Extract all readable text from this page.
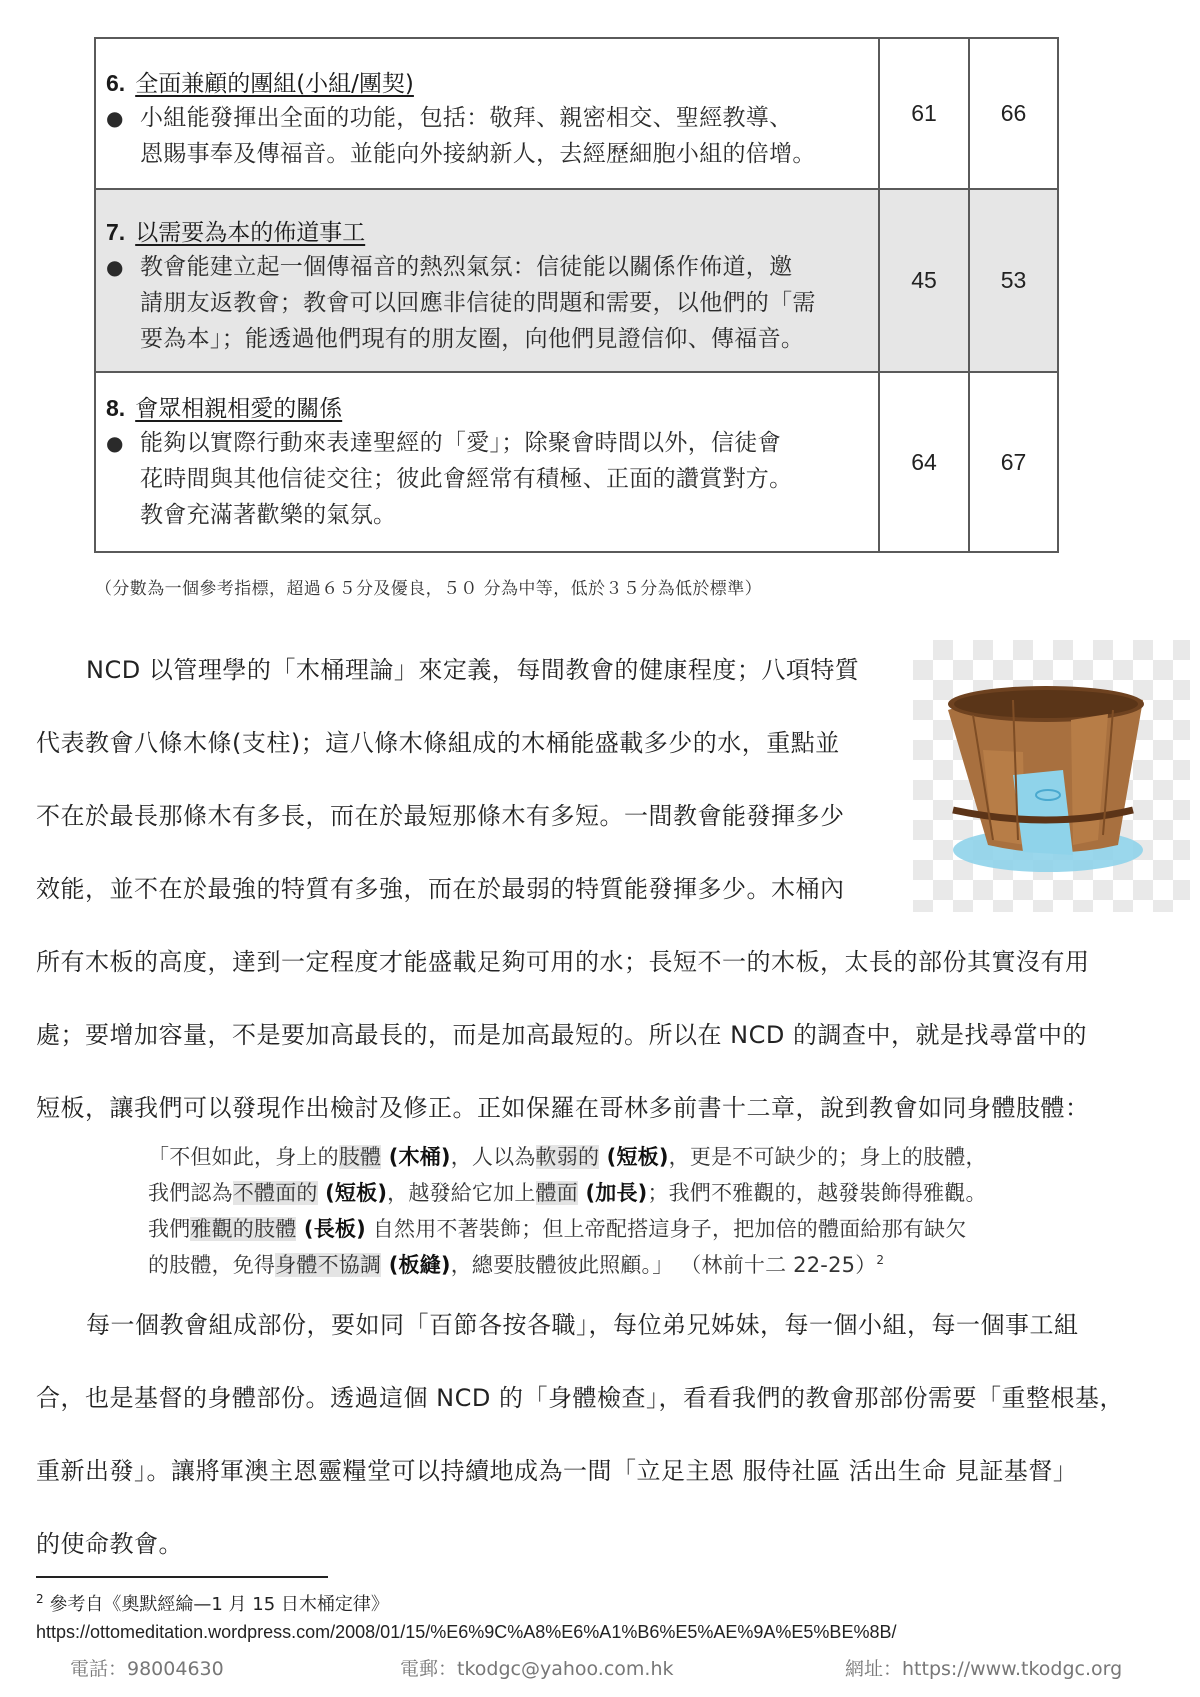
6. 全面兼顧的團組(小組/團契)
● 小組能發揮出全面的功能，包括：敬拜、親密相交、聖經教導、
恩賜事奉及傳福音。並能向外接納新人，去經歷細胞小組的倍增。	61	66

7. 以需要為本的佈道事工
● 教會能建立起一個傳福音的熱烈氣氛：信徒能以關係作佈道，邀
請朋友返教會；教會可以回應非信徒的問題和需要，以他們的「需
要為本」；能透過他們現有的朋友圈，向他們見證信仰、傳福音。	45	53

8. 會眾相親相愛的關係
● 能夠以實際行動來表達聖經的「愛」；除聚會時間以外，信徒會
花時間與其他信徒交往；彼此會經常有積極、正面的讚賞對方。
教會充滿著歡樂的氣氛。	64	67
（分數為一個參考指標，超過６５分及優良，５０ 分為中等，低於３５分為低於標準）
NCD 以管理學的「木桶理論」來定義，每間教會的健康程度；八項特質
代表教會八條木條(支柱)；這八條木條組成的木桶能盛載多少的水，重點並
不在於最長那條木有多長，而在於最短那條木有多短。一間教會能發揮多少
效能，並不在於最強的特質有多強，而在於最弱的特質能發揮多少。木桶內
所有木板的高度，達到一定程度才能盛載足夠可用的水；長短不一的木板，太長的部份其實沒有用
處；要增加容量，不是要加高最長的，而是加高最短的。所以在 NCD 的調查中，就是找尋當中的
短板，讓我們可以發現作出檢討及修正。正如保羅在哥林多前書十二章，說到教會如同身體肢體：
「不但如此，身上的肢體 (木桶)，人以為軟弱的 (短板)，更是不可缺少的；身上的肢體，
我們認為不體面的 (短板)，越發給它加上體面 (加長)；我們不雅觀的，越發裝飾得雅觀。
我們雅觀的肢體 (長板) 自然用不著裝飾；但上帝配搭這身子，把加倍的體面給那有缺欠
的肢體，免得身體不協調 (板縫)，總要肢體彼此照顧。」 （林前十二 22-25）$^2$
每一個教會組成部份，要如同「百節各按各職」，每位弟兄姊妹，每一個小組，每一個事工組
合，也是基督的身體部份。透過這個 NCD 的「身體檢查」，看看我們的教會那部份需要「重整根基，
重新出發」。讓將軍澳主恩靈糧堂可以持續地成為一間「立足主恩 服侍社區 活出生命 見証基督」
的使命教會。
$^2$ 參考自《奧默經綸—1 月 15 日木桶定律》
https://ottomeditation.wordpress.com/2008/01/15/%E6%9C%A8%E6%A1%B6%E5%AE%9A%E5%BE%8B/
電話：98004630	電郵：tkodgc@yahoo.com.hk	網址：https://www.tkodgc.org
